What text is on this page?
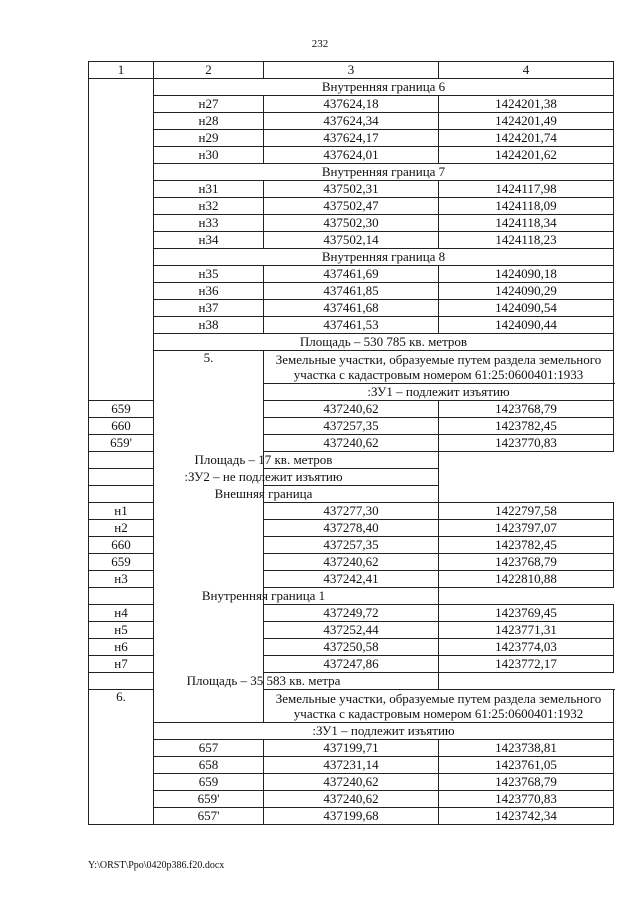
232
1	2	3	4
	Внутренняя граница 6		
	н27	437624,18	1424201,38
	н28	437624,34	1424201,49
	н29	437624,17	1424201,74
	н30	437624,01	1424201,62
	Внутренняя граница 7		
	н31	437502,31	1424117,98
	н32	437502,47	1424118,09
	н33	437502,30	1424118,34
	н34	437502,14	1424118,23
	Внутренняя граница 8		
	н35	437461,69	1424090,18
	н36	437461,85	1424090,29
	н37	437461,68	1424090,54
	н38	437461,53	1424090,44
	Площадь – 530 785 кв. метров		
	5.	Земельные участки, образуемые путем раздела земельного участка с кадастровым номером 61:25:0600401:1933	
		:ЗУ1 – подлежит изъятию	
659		437240,62	1423768,79
660		437257,35	1423782,45
659'		437240,62	1423770,83
Площадь – 17 кв. метров			
:ЗУ2 – не подлежит изъятию			
Внешняя граница			
н1		437277,30	1422797,58
н2		437278,40	1423797,07
660		437257,35	1423782,45
659		437240,62	1423768,79
н3		437242,41	1422810,88
Внутренняя граница 1			
н4		437249,72	1423769,45
н5		437252,44	1423771,31
н6		437250,58	1423774,03
н7		437247,86	1423772,17
Площадь – 35 583 кв. метра			
6.		Земельные участки, образуемые путем раздела земельного участка с кадастровым номером 61:25:0600401:1932	
	:ЗУ1 – подлежит изъятию		
	657	437199,71	1423738,81
	658	437231,14	1423761,05
	659	437240,62	1423768,79
	659'	437240,62	1423770,83
	657'	437199,68	1423742,34
Y:\ORST\Ppo\0420p386.f20.docx
